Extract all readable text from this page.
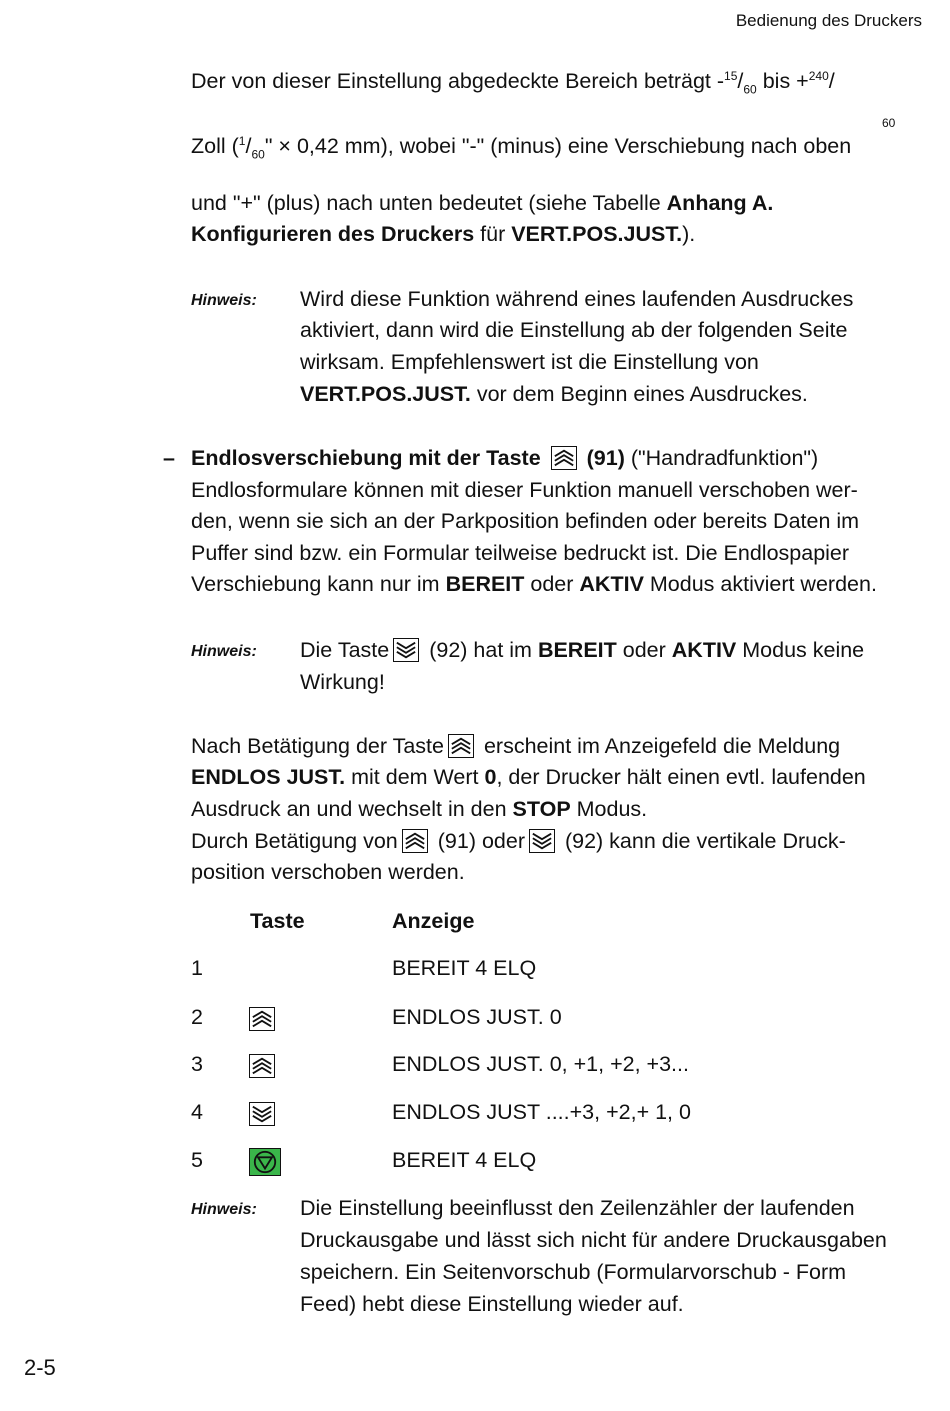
Bedienung des Druckers
Der von dieser Einstellung abgedeckte Bereich beträgt $-^{15}/_{60}$ bis +$^{240}$/
60
Zoll ($^1/_{60}$" × 0,42 mm), wobei "-" (minus) eine Verschiebung nach oben
und "+" (plus) nach unten bedeutet (siehe Tabelle Anhang A.
Konfigurieren des Druckers für VERT.POS.JUST.).
Hinweis: Wird diese Funktion während eines laufenden Ausdruckes
aktiviert, dann wird die Einstellung ab der folgenden Seite
wirksam. Empfehlenswert ist die Einstellung von
VERT.POS.JUST. vor dem Beginn eines Ausdruckes.
– Endlosverschiebung mit der Taste (91) ("Handradfunktion")
Endlosformulare können mit dieser Funktion manuell verschoben wer-
den, wenn sie sich an der Parkposition befinden oder bereits Daten im
Puffer sind bzw. ein Formular teilweise bedruckt ist. Die Endlospapier
Verschiebung kann nur im BEREIT oder AKTIV Modus aktiviert werden.
Hinweis: Die Taste
(92) hat im BEREIT oder AKTIV Modus keine
Wirkung!
Nach Betätigung der Taste
erscheint im Anzeigefeld die Meldung
ENDLOS JUST. mit dem Wert 0, der Drucker hält einen evtl. laufenden
Ausdruck an und wechselt in den STOP Modus.
Durch Betätigung von
(91) oder
(92) kann die vertikale Druck-
position verschoben werden.
Taste	Anzeige
1	BEREIT 4 ELQ
2	ENDLOS JUST. 0
3	ENDLOS JUST. 0, +1, +2, +3...
4	ENDLOS JUST ....+3, +2,+ 1, 0
5	BEREIT 4 ELQ
Hinweis: Die Einstellung beeinflusst den Zeilenzähler der laufenden
Druckausgabe und lässt sich nicht für andere Druckausgaben
speichern. Ein Seitenvorschub (Formularvorschub - Form
Feed) hebt diese Einstellung wieder auf.
2-5
